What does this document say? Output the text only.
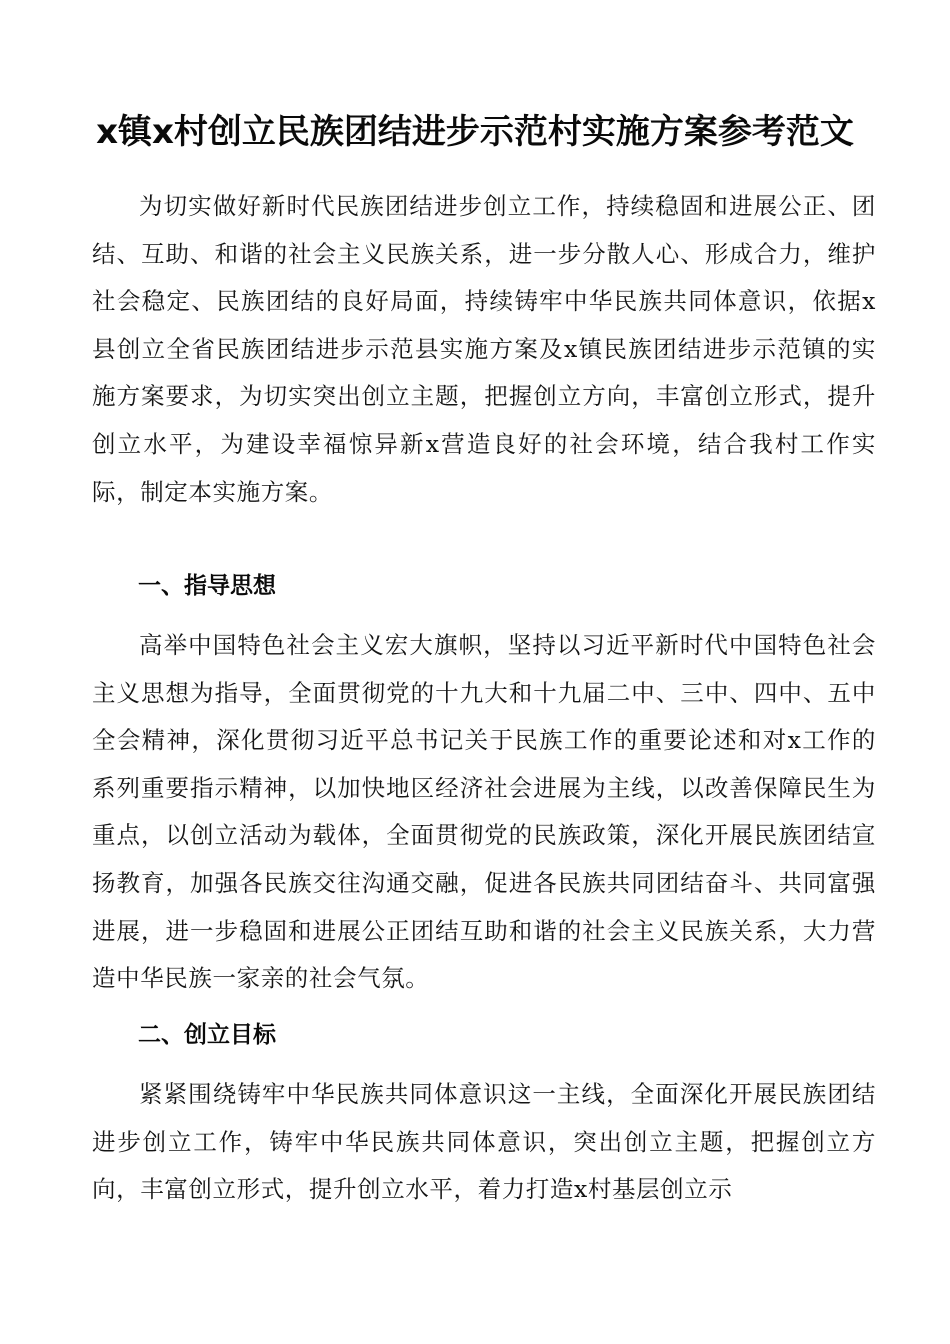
x镇x村创立民族团结进步示范村实施方案参考范文

为切实做好新时代民族团结进步创立工作，持续稳固和进展公正、团结、互助、和谐的社会主义民族关系，进一步分散人心、形成合力，维护社会稳定、民族团结的良好局面，持续铸牢中华民族共同体意识，依据x县创立全省民族团结进步示范县实施方案及x镇民族团结进步示范镇的实施方案要求，为切实突出创立主题，把握创立方向，丰富创立形式，提升创立水平，为建设幸福惊异新x营造良好的社会环境，结合我村工作实际，制定本实施方案。

一、指导思想

高举中国特色社会主义宏大旗帜，坚持以习近平新时代中国特色社会主义思想为指导，全面贯彻党的十九大和十九届二中、三中、四中、五中全会精神，深化贯彻习近平总书记关于民族工作的重要论述和对x工作的系列重要指示精神，以加快地区经济社会进展为主线，以改善保障民生为重点，以创立活动为载体，全面贯彻党的民族政策，深化开展民族团结宣扬教育，加强各民族交往沟通交融，促进各民族共同团结奋斗、共同富强进展，进一步稳固和进展公正团结互助和谐的社会主义民族关系，大力营造中华民族一家亲的社会气氛。

二、创立目标

紧紧围绕铸牢中华民族共同体意识这一主线，全面深化开展民族团结进步创立工作，铸牢中华民族共同体意识，突出创立主题，把握创立方向，丰富创立形式，提升创立水平，着力打造x村基层创立示
